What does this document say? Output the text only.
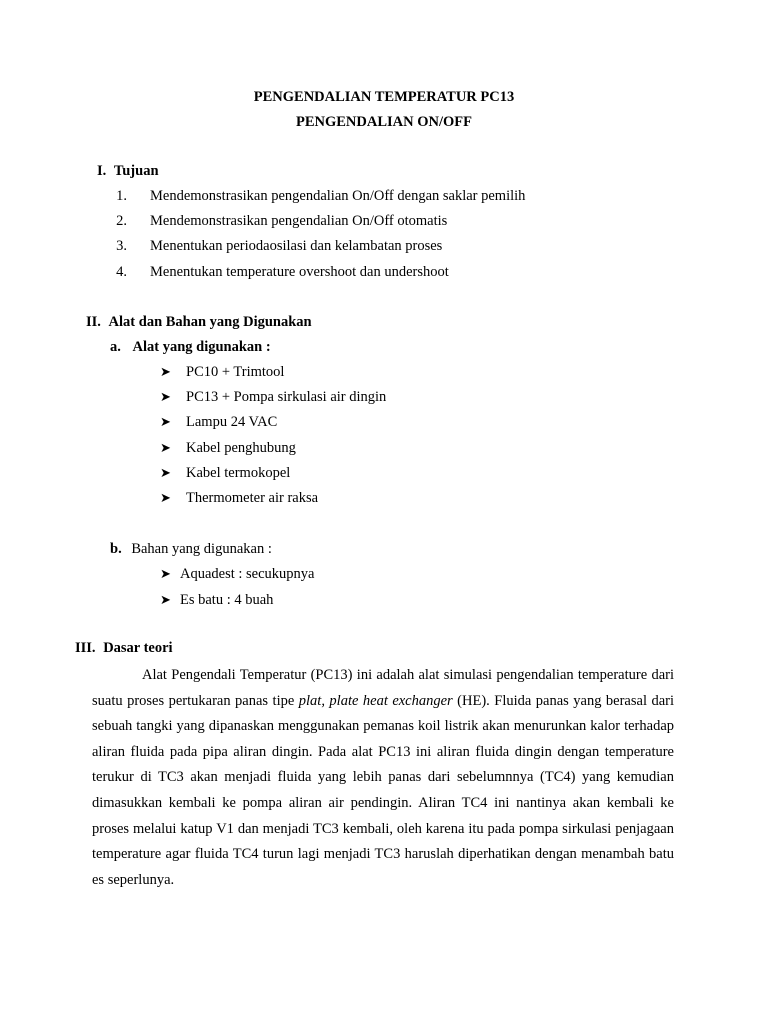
PENGENDALIAN TEMPERATUR PC13
PENGENDALIAN ON/OFF
I. Tujuan
1. Mendemonstrasikan pengendalian On/Off dengan saklar pemilih
2. Mendemonstrasikan pengendalian On/Off otomatis
3. Menentukan periodaosilasi dan kelambatan proses
4. Menentukan temperature overshoot dan undershoot
II. Alat dan Bahan yang Digunakan
a. Alat yang digunakan :
➤ PC10 + Trimtool
➤ PC13 + Pompa sirkulasi air dingin
➤ Lampu 24 VAC
➤ Kabel penghubung
➤ Kabel termokopel
➤ Thermometer air raksa
b. Bahan yang digunakan :
➤ Aquadest : secukupnya
➤ Es batu : 4 buah
III. Dasar teori
Alat Pengendali Temperatur (PC13) ini adalah alat simulasi pengendalian temperature dari suatu proses pertukaran panas tipe plat, plate heat exchanger (HE). Fluida panas yang berasal dari sebuah tangki yang dipanaskan menggunakan pemanas koil listrik akan menurunkan kalor terhadap aliran fluida pada pipa aliran dingin. Pada alat PC13 ini aliran fluida dingin dengan temperature terukur di TC3 akan menjadi fluida yang lebih panas dari sebelumnnya (TC4) yang kemudian dimasukkan kembali ke pompa aliran air pendingin. Aliran TC4 ini nantinya akan kembali ke proses melalui katup V1 dan menjadi TC3 kembali, oleh karena itu pada pompa sirkulasi penjagaan temperature agar fluida TC4 turun lagi menjadi TC3 haruslah diperhatikan dengan menambah batu es seperlunya.
